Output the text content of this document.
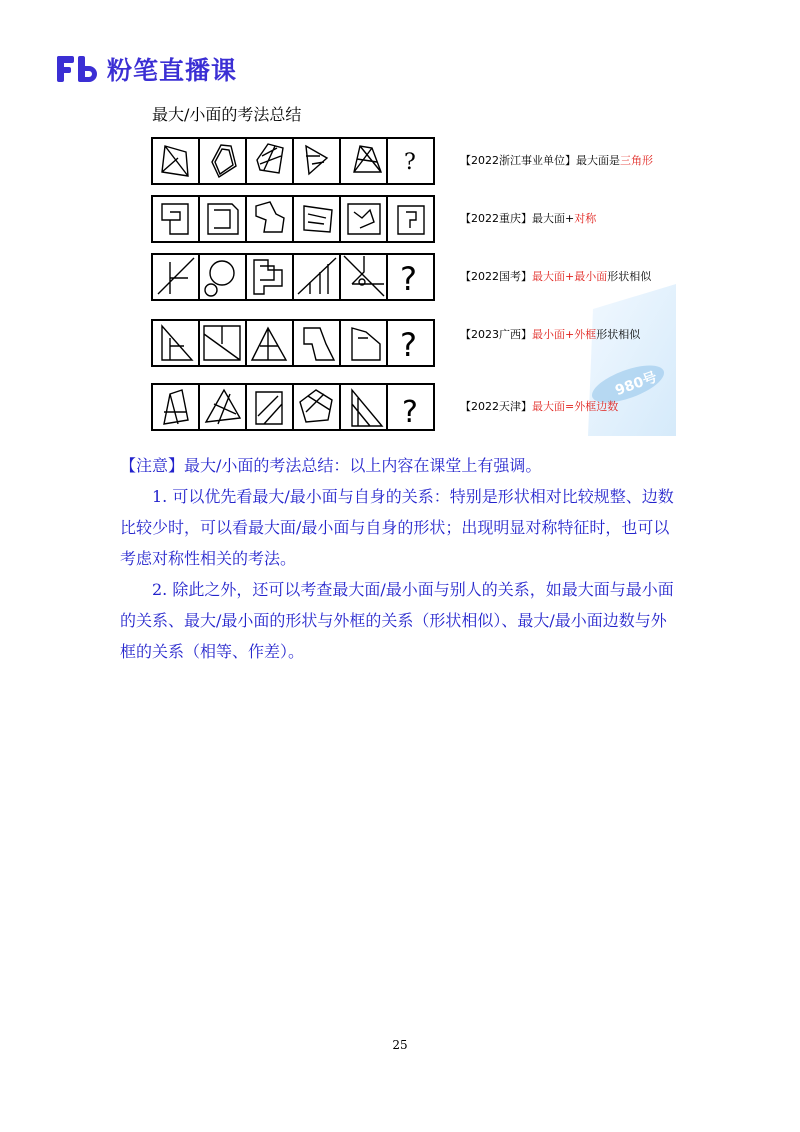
粉笔直播课
最大/小面的考法总结
980号
?	【2022浙江事业单位】最大面是三角形
【2022重庆】最大面+对称
?	【2022国考】最大面+最小面形状相似
?	【2023广西】最小面+外框形状相似
?	【2022天津】最大面=外框边数

【注意】最大/小面的考法总结：以上内容在课堂上有强调。

1. 可以优先看最大/最小面与自身的关系：特别是形状相对比较规整、边数比较少时，可以看最大面/最小面与自身的形状；出现明显对称特征时，也可以考虑对称性相关的考法。

2. 除此之外，还可以考查最大面/最小面与别人的关系，如最大面与最小面的关系、最大/最小面的形状与外框的关系（形状相似）、最大/最小面边数与外框的关系（相等、作差）。

25
